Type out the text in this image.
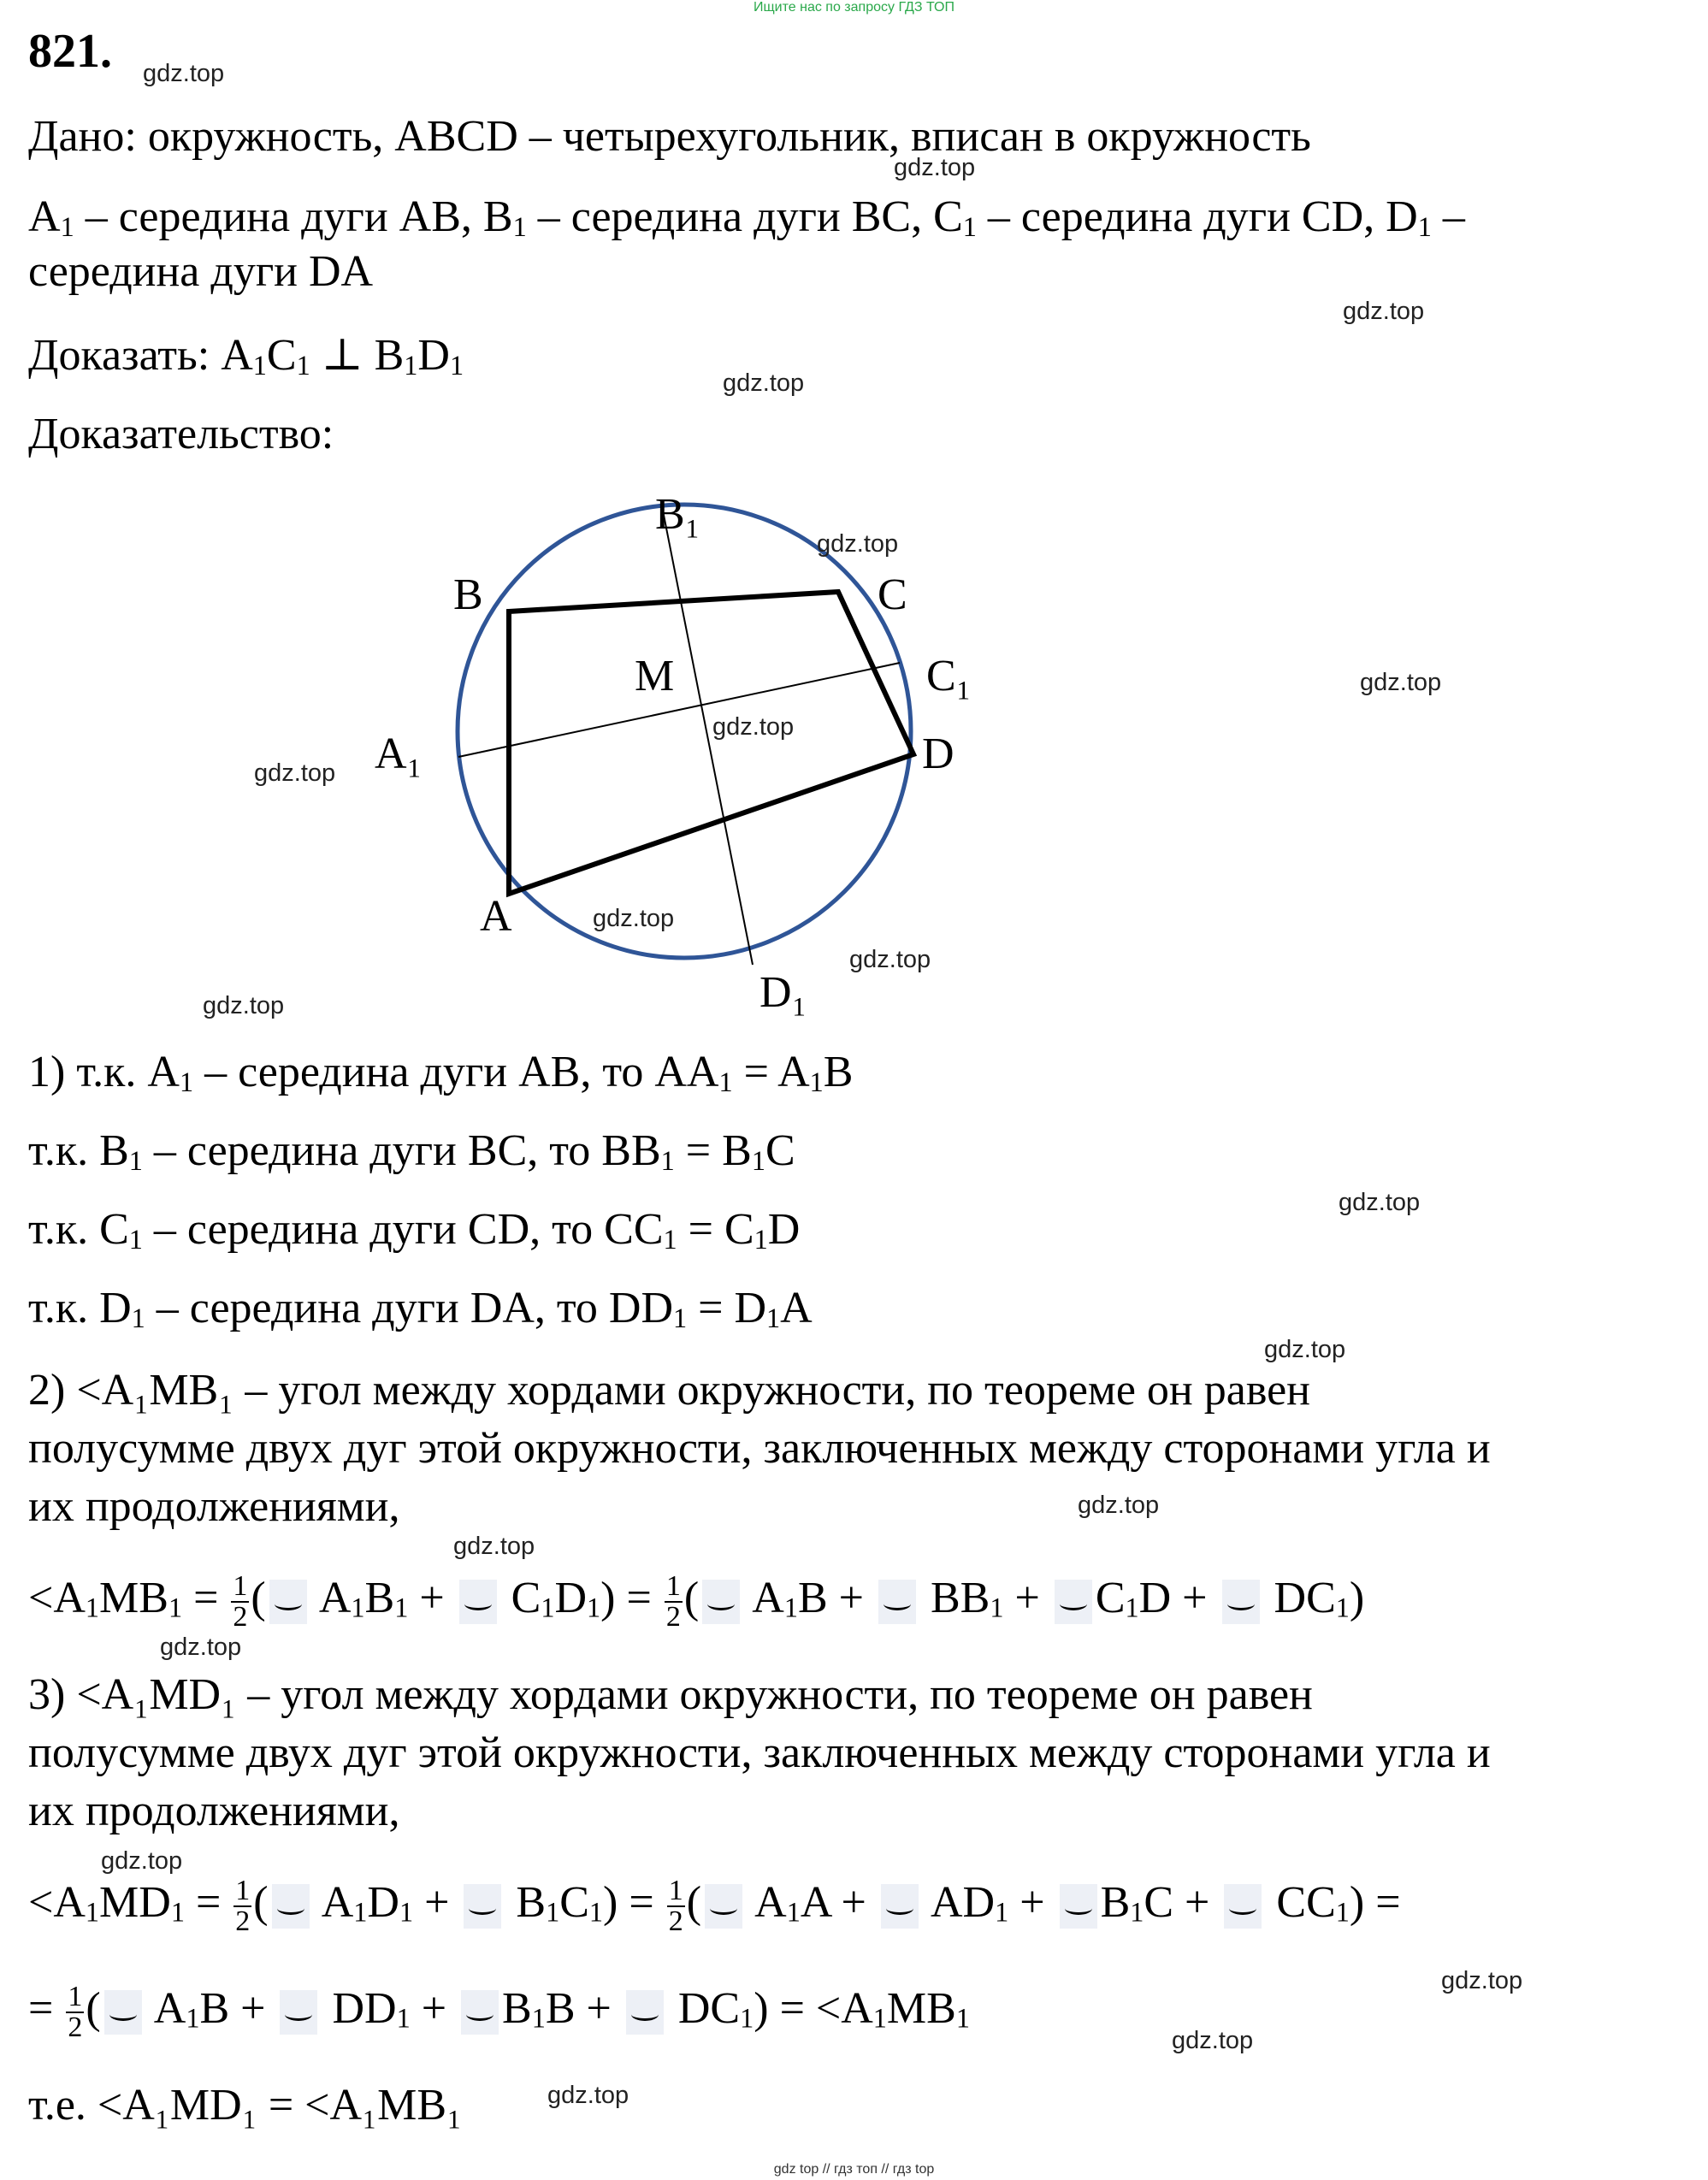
Ищите нас по запросу ГДЗ ТОП
821.
Дано: окружность, ABCD – четырехугольник, вписан в окружность
$A_1$ – середина дуги AB, $B_1$ – середина дуги BC, $C_1$ – середина дуги CD, $D_1$ –
середина дуги DA
Доказать: $A_1C_1$ ⊥ $B_1D_1$
Доказательство:
B₁
B	C
M	C₁
A₁	D
A
D₁
1) т.к. $A_1$ – середина дуги AB, то $AA_1 = A_1B$
т.к. $B_1$ – середина дуги BC, то $BB_1 = B_1C$
т.к. $C_1$ – середина дуги CD, то $CC_1 = C_1D$
т.к. $D_1$ – середина дуги DA, то $DD_1 = D_1A$
2) <A₁MB₁ – угол между хордами окружности, по теореме он равен
полусумме двух дуг этой окружности, заключенных между сторонами угла и
их продолжениями,
$<A_1MB_1 = \frac{1}{2}$ ( $A_1B_1 + C_1D_1) = \frac{1}{2}$ ( $A_1B + BB_1 + C_1D + DC_1$)
3) <A₁MD₁ – угол между хордами окружности, по теореме он равен
полусумме двух дуг этой окружности, заключенных между сторонами угла и
их продолжениями,
$<A_1MD_1 = \frac{1}{2}$ ( $A_1D_1 + B_1C_1) = \frac{1}{2}$ ( $A_1A + AD_1 + B_1C + CC_1$) =
= $\frac{1}{2}$ ( $A_1B + DD_1 + B_1B + DC_1) = <A_1MB_1$
т.е. <A₁MD₁ = <A₁MB₁
gdz.top
gdz.top
gdz.top
gdz.top
gdz.top
gdz.top
gdz.top
gdz.top
gdz.top
gdz.top
gdz.top
gdz.top
gdz.top
gdz.top
gdz.top
gdz.top
gdz.top
gdz.top
gdz.top
gdz.top
gdz top // гдз топ // гдз top
